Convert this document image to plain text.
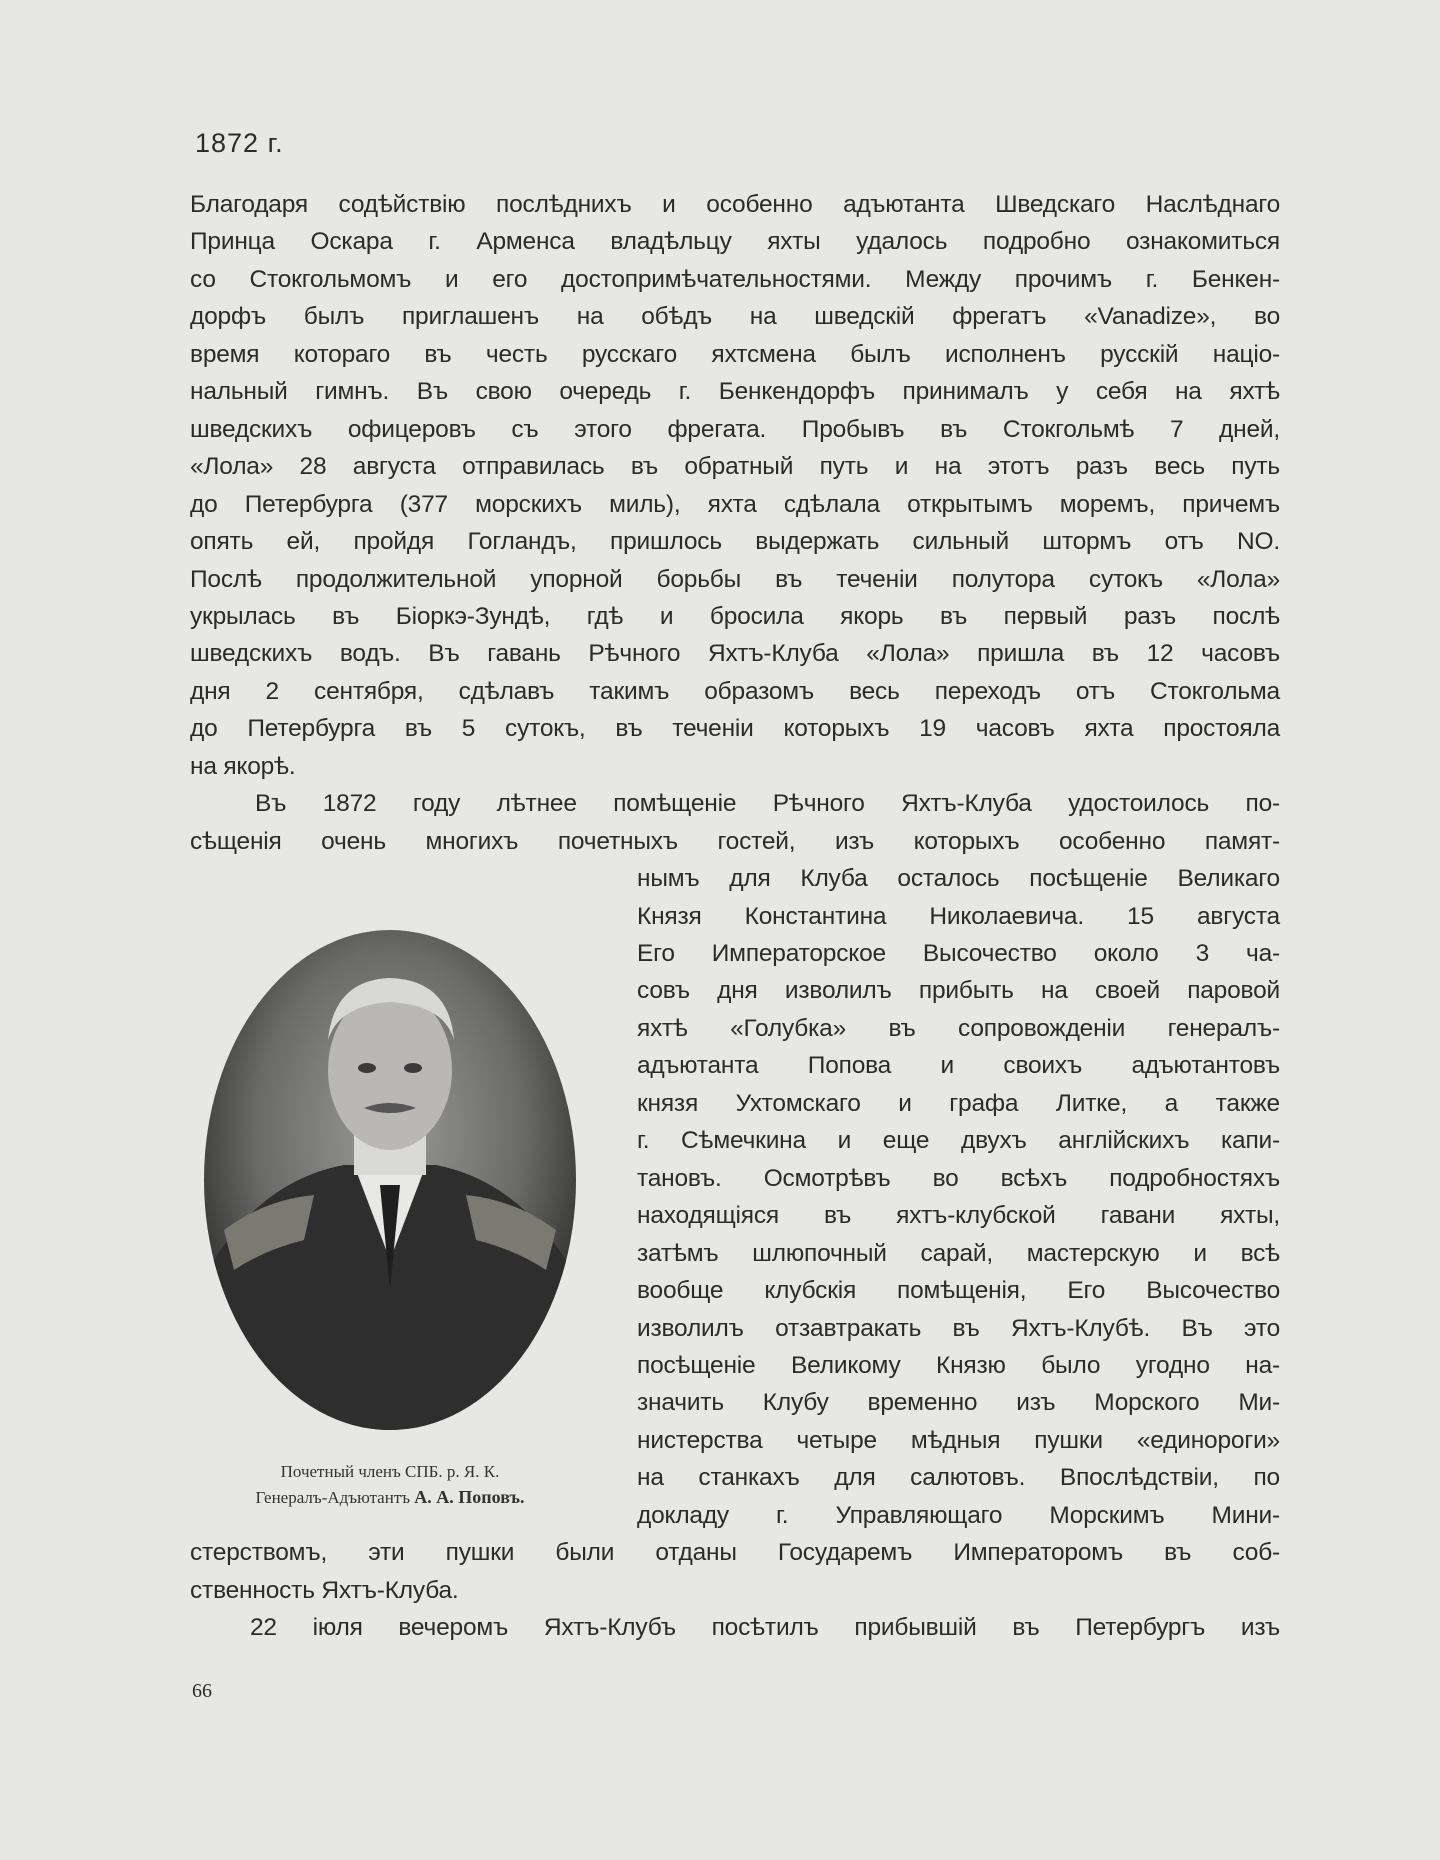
1872 г.
Благодаря содѣйствію послѣднихъ и особенно адъютанта Шведскаго Наслѣднаго
Принца Оскара г. Арменса владѣльцу яхты удалось подробно ознакомиться
со Стокгольмомъ и его достопримѣчательностями. Между прочимъ г. Бенкен-
дорфъ былъ приглашенъ на обѣдъ на шведскій фрегатъ «Vanadize», во
время котораго въ честь русскаго яхтсмена былъ исполненъ русскій націо-
нальный гимнъ. Въ свою очередь г. Бенкендорфъ принималъ у себя на яхтѣ
шведскихъ офицеровъ съ этого фрегата. Пробывъ въ Стокгольмѣ 7 дней,
«Лола» 28 августа отправилась въ обратный путь и на этотъ разъ весь путь
до Петербурга (377 морскихъ миль), яхта сдѣлала открытымъ моремъ, причемъ
опять ей, пройдя Гогландъ, пришлось выдержать сильный штормъ отъ NO.
Послѣ продолжительной упорной борьбы въ теченіи полутора сутокъ «Лола»
укрылась въ Біоркэ-Зундѣ, гдѣ и бросила якорь въ первый разъ послѣ
шведскихъ водъ. Въ гавань Рѣчного Яхтъ-Клуба «Лола» пришла въ 12 часовъ
дня 2 сентября, сдѣлавъ такимъ образомъ весь переходъ отъ Стокгольма
до Петербурга въ 5 сутокъ, въ теченіи которыхъ 19 часовъ яхта простояла
на якорѣ.
Въ 1872 году лѣтнее помѣщеніе Рѣчного Яхтъ-Клуба удостоилось по-
сѣщенія очень многихъ почетныхъ гостей, изъ которыхъ особенно памят-
нымъ для Клуба осталось посѣщеніе Великаго
Князя Константина Николаевича. 15 августа
Его Императорское Высочество около 3 ча-
совъ дня изволилъ прибыть на своей паровой
яхтѣ «Голубка» въ сопровожденіи генералъ-
адъютанта Попова и своихъ адъютантовъ
князя Ухтомскаго и графа Литке, а также
г. Сѣмечкина и еще двухъ англійскихъ капи-
тановъ. Осмотрѣвъ во всѣхъ подробностяхъ
находящіяся въ яхтъ-клубской гавани яхты,
затѣмъ шлюпочный сарай, мастерскую и всѣ
вообще клубскія помѣщенія, Его Высочество
изволилъ отзавтракать въ Яхтъ-Клубѣ. Въ это
посѣщеніе Великому Князю было угодно на-
значить Клубу временно изъ Морского Ми-
нистерства четыре мѣдныя пушки «единороги»
на станкахъ для салютовъ. Впослѣдствіи, по
докладу г. Управляющаго Морскимъ Мини-
стерствомъ, эти пушки были отданы Государемъ Императоромъ въ соб-
ственность Яхтъ-Клуба.
22 іюля вечеромъ Яхтъ-Клубъ посѣтилъ прибывшій въ Петербургъ изъ
Почетный членъ СПБ. р. Я. К.
Генералъ-Адъютантъ А. А. Поповъ.
66
